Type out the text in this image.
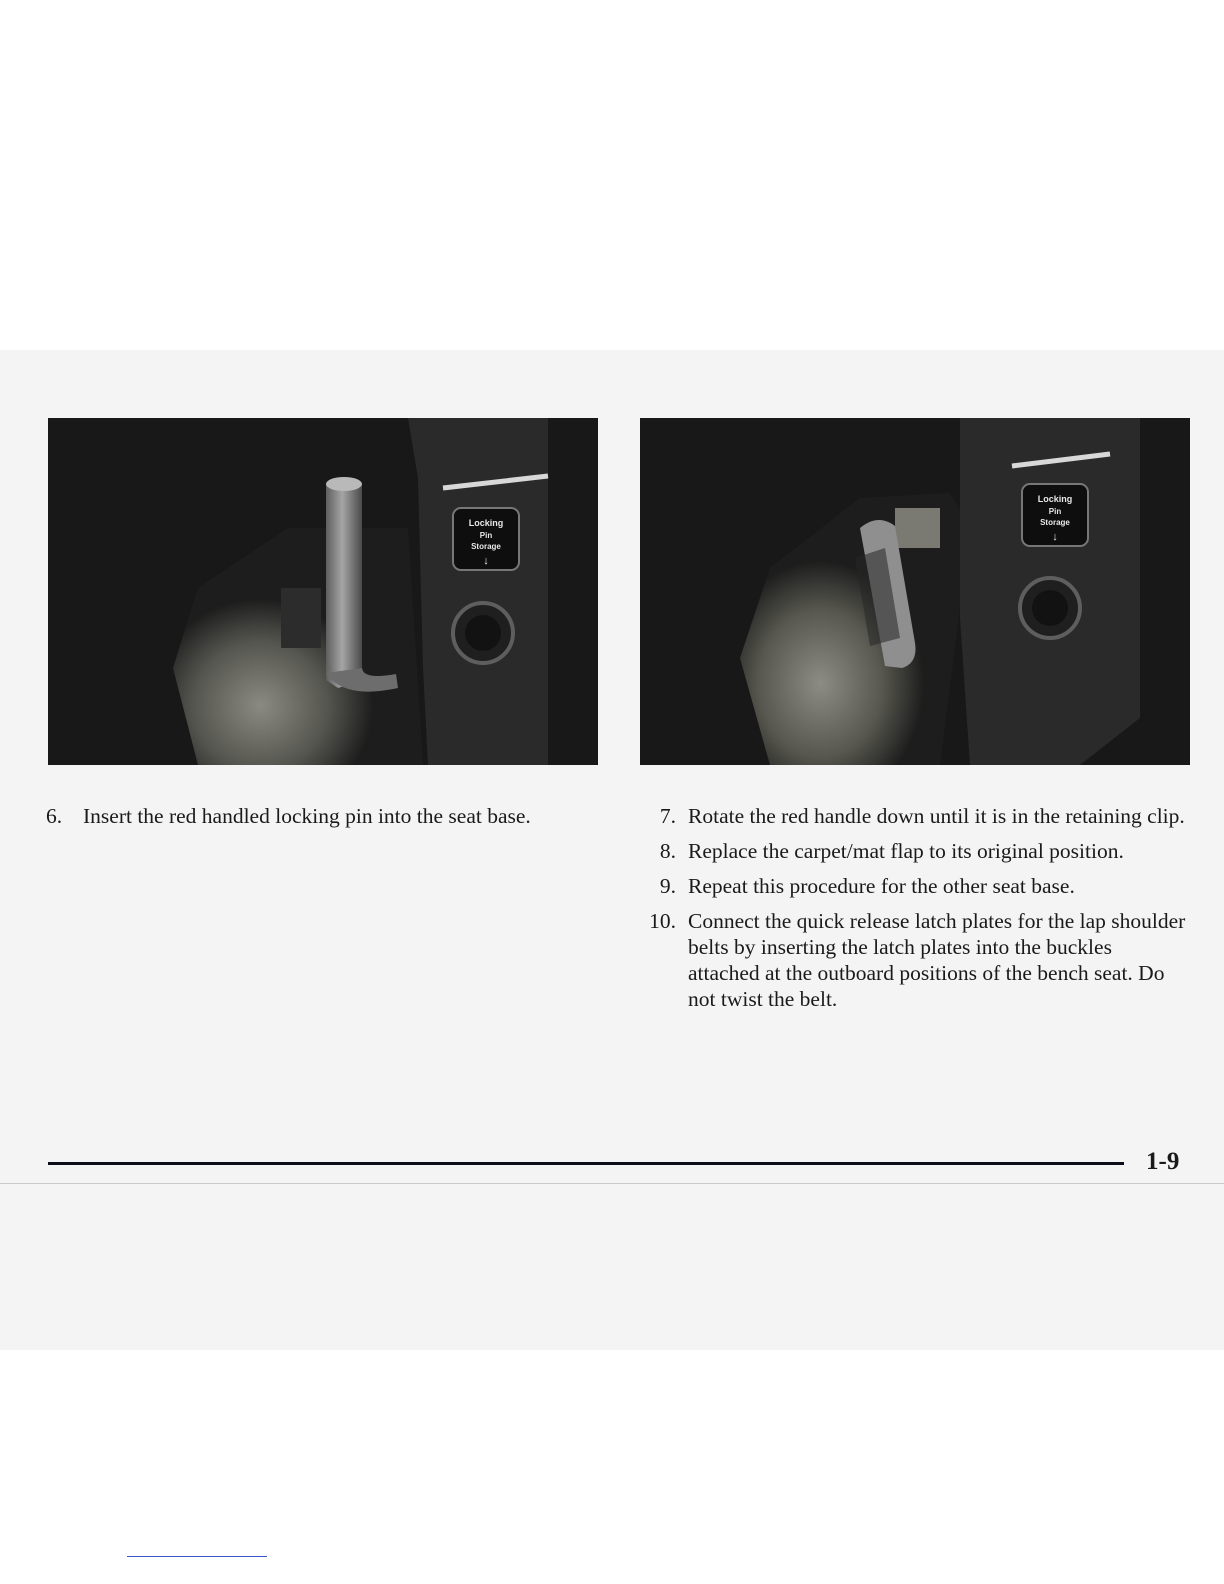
Locking
Pin
Storage
↓
Locking
Pin
Storage
↓
6. Insert the red handled locking pin into the seat base.	7. Rotate the red handle down until it is in the retaining clip.
8. Replace the carpet/mat flap to its original position.
9. Repeat this procedure for the other seat base.
10. Connect the quick release latch plates for the lap shoulder belts by inserting the latch plates into the buckles attached at the outboard positions of the bench seat. Do not twist the belt.
1-9
